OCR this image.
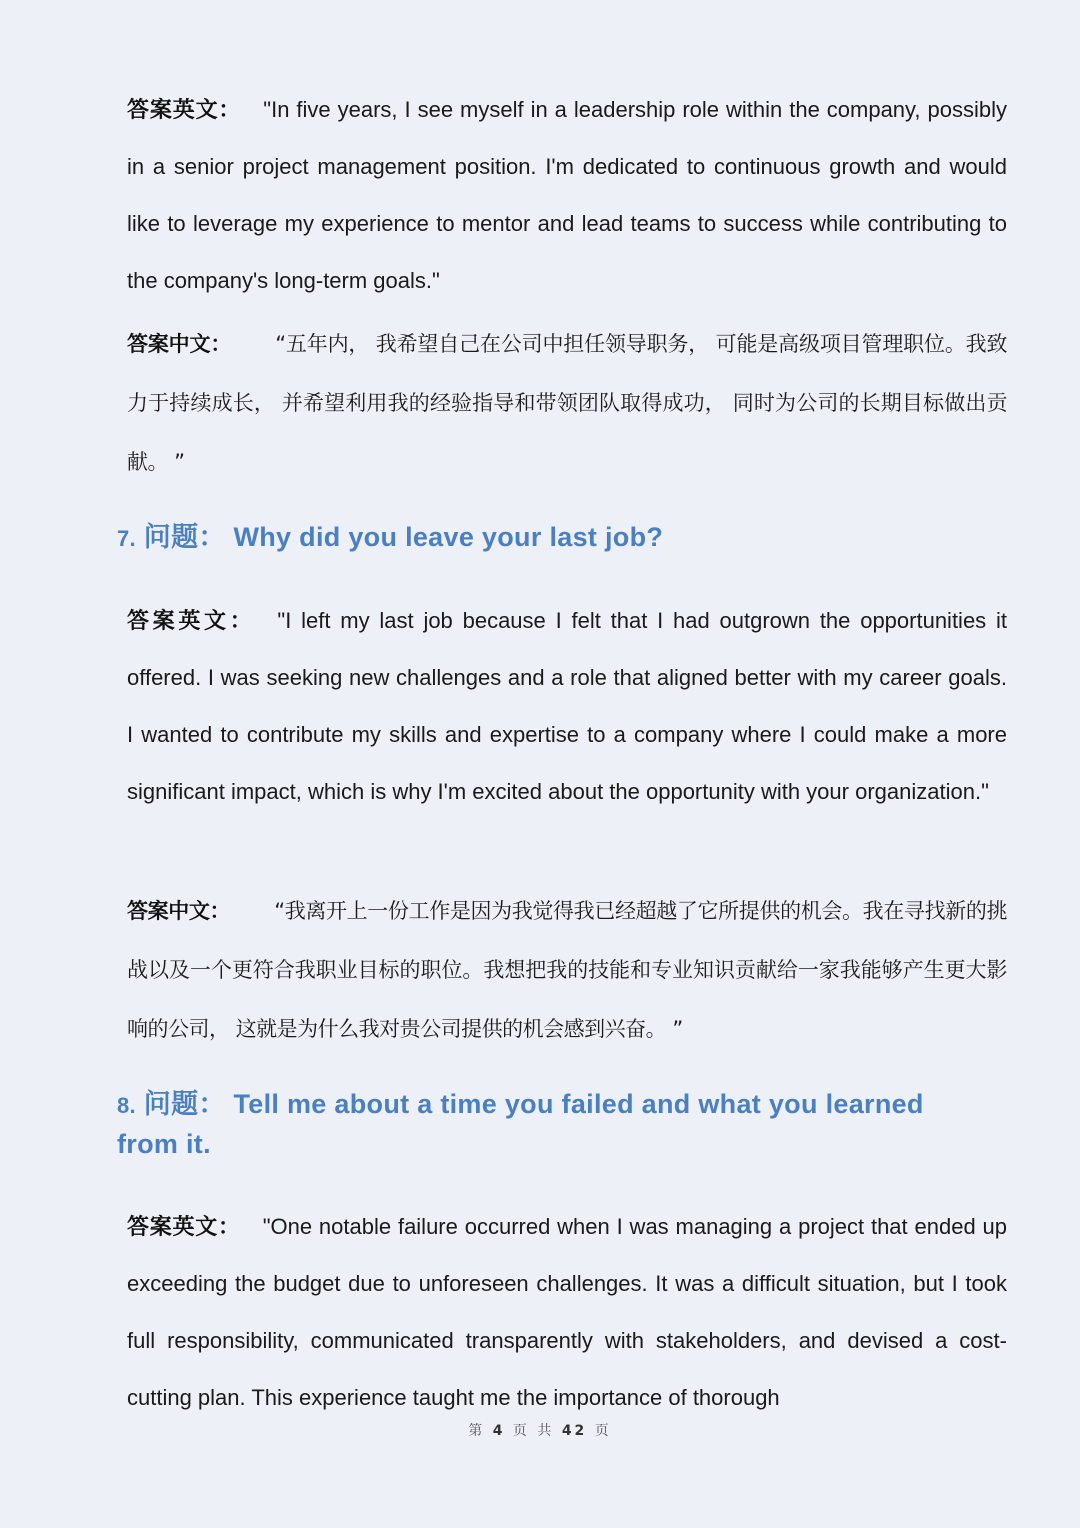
答案英文： "In five years, I see myself in a leadership role within the company, possibly in a senior project management position. I'm dedicated to continuous growth and would like to leverage my experience to mentor and lead teams to success while contributing to the company's long-term goals."

答案中文： “五年内， 我希望自己在公司中担任领导职务， 可能是高级项目管理职位。我致力于持续成长， 并希望利用我的经验指导和带领团队取得成功， 同时为公司的长期目标做出贡献。 ”

7. 问题： Why did you leave your last job?

答案英文： "I left my last job because I felt that I had outgrown the opportunities it offered. I was seeking new challenges and a role that aligned better with my career goals. I wanted to contribute my skills and expertise to a company where I could make a more significant impact, which is why I'm excited about the opportunity with your organization."

答案中文： “我离开上一份工作是因为我觉得我已经超越了它所提供的机会。我在寻找新的挑战以及一个更符合我职业目标的职位。我想把我的技能和专业知识贡献给一家我能够产生更大影响的公司， 这就是为什么我对贵公司提供的机会感到兴奋。 ”

8. 问题： Tell me about a time you failed and what you learned from it.

答案英文： "One notable failure occurred when I was managing a project that ended up exceeding the budget due to unforeseen challenges. It was a difficult situation, but I took full responsibility, communicated transparently with stakeholders, and devised a cost-cutting plan. This experience taught me the importance of thorough

第 4 页 共 42 页
